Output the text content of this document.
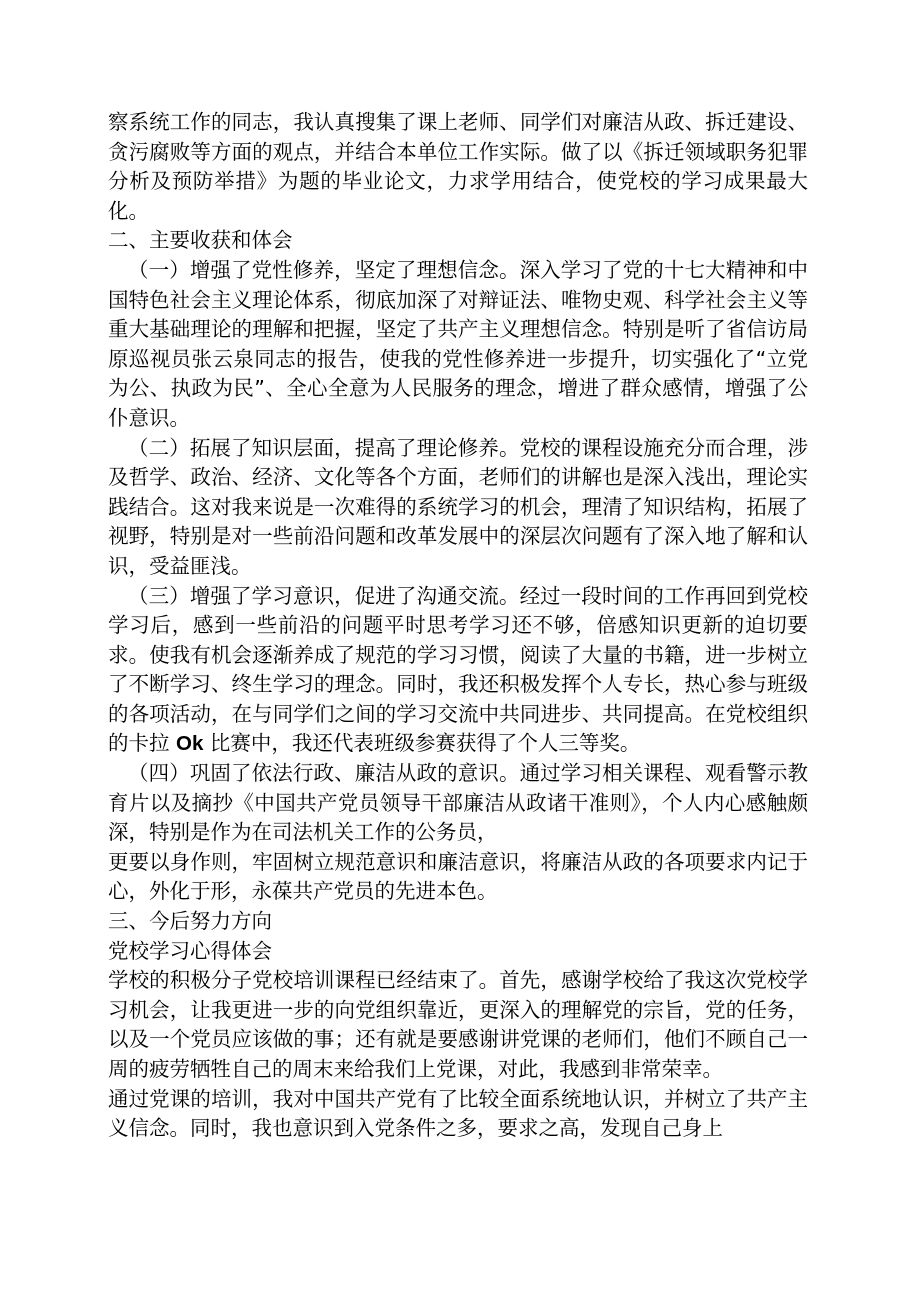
察系统工作的同志，我认真搜集了课上老师、同学们对廉洁从政、拆迁建设、贪污腐败等方面的观点，并结合本单位工作实际。做了以《拆迁领域职务犯罪分析及预防举措》为题的毕业论文，力求学用结合，使党校的学习成果最大化。

二、主要收获和体会

（一）增强了党性修养，坚定了理想信念。深入学习了党的十七大精神和中国特色社会主义理论体系，彻底加深了对辩证法、唯物史观、科学社会主义等重大基础理论的理解和把握，坚定了共产主义理想信念。特别是听了省信访局原巡视员张云泉同志的报告，使我的党性修养进一步提升，切实强化了“立党为公、执政为民”、全心全意为人民服务的理念，增进了群众感情，增强了公仆意识。

（二）拓展了知识层面，提高了理论修养。党校的课程设施充分而合理，涉及哲学、政治、经济、文化等各个方面，老师们的讲解也是深入浅出，理论实践结合。这对我来说是一次难得的系统学习的机会，理清了知识结构，拓展了视野，特别是对一些前沿问题和改革发展中的深层次问题有了深入地了解和认识，受益匪浅。

（三）增强了学习意识，促进了沟通交流。经过一段时间的工作再回到党校学习后，感到一些前沿的问题平时思考学习还不够，倍感知识更新的迫切要求。使我有机会逐渐养成了规范的学习习惯，阅读了大量的书籍，进一步树立了不断学习、终生学习的理念。同时，我还积极发挥个人专长，热心参与班级的各项活动，在与同学们之间的学习交流中共同进步、共同提高。在党校组织的卡拉 Ok 比赛中，我还代表班级参赛获得了个人三等奖。

（四）巩固了依法行政、廉洁从政的意识。通过学习相关课程、观看警示教育片以及摘抄《中国共产党员领导干部廉洁从政诸干准则》，个人内心感触颇深，特别是作为在司法机关工作的公务员，

更要以身作则，牢固树立规范意识和廉洁意识，将廉洁从政的各项要求内记于心，外化于形，永葆共产党员的先进本色。

三、今后努力方向

党校学习心得体会

学校的积极分子党校培训课程已经结束了。首先，感谢学校给了我这次党校学习机会，让我更进一步的向党组织靠近，更深入的理解党的宗旨，党的任务，以及一个党员应该做的事；还有就是要感谢讲党课的老师们，他们不顾自己一周的疲劳牺牲自己的周末来给我们上党课，对此，我感到非常荣幸。

通过党课的培训，我对中国共产党有了比较全面系统地认识，并树立了共产主义信念。同时，我也意识到入党条件之多，要求之高，发现自己身上
